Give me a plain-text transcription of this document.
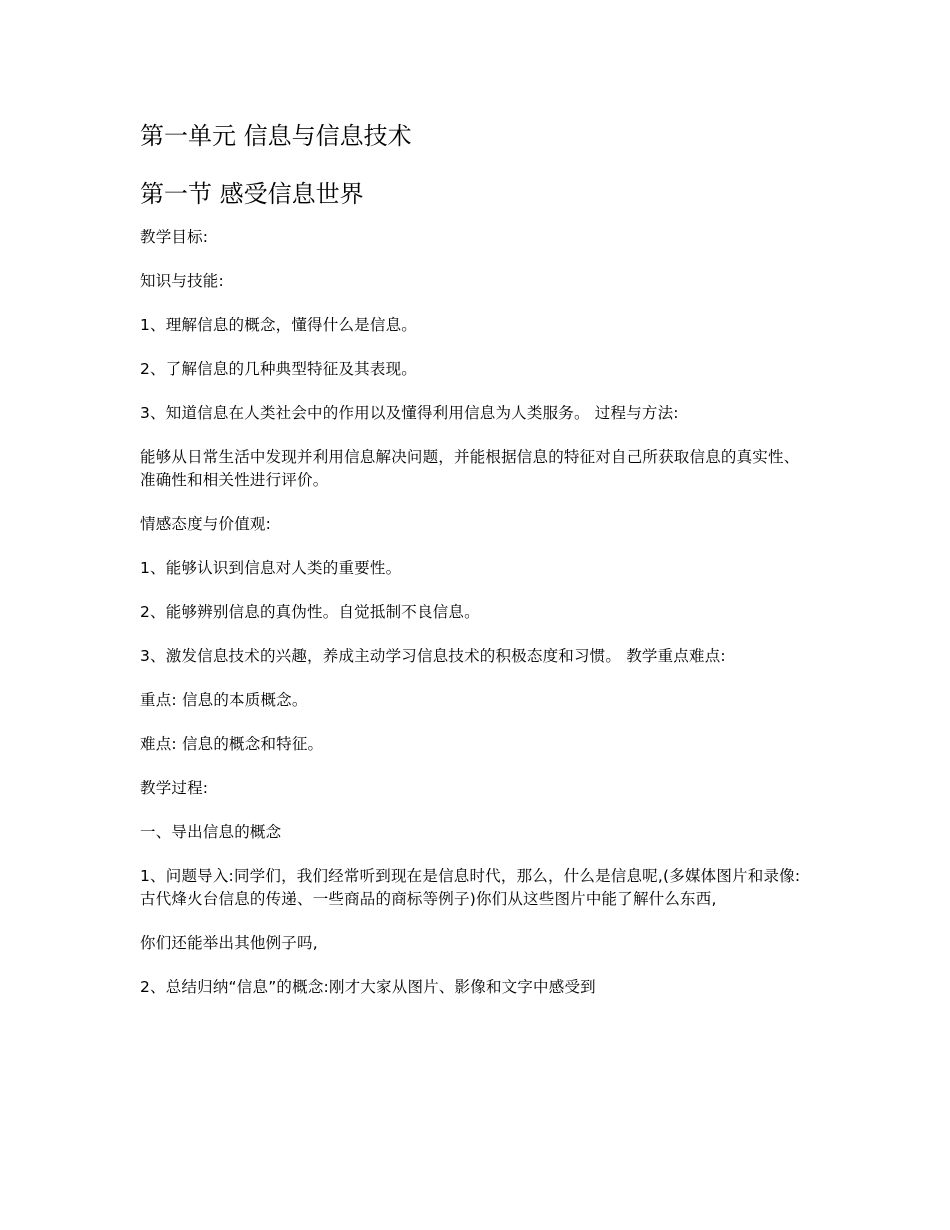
第一单元 信息与信息技术
第一节 感受信息世界
教学目标:
知识与技能:
1、理解信息的概念，懂得什么是信息。
2、了解信息的几种典型特征及其表现。
3、知道信息在人类社会中的作用以及懂得利用信息为人类服务。 过程与方法:
能够从日常生活中发现并利用信息解决问题，并能根据信息的特征对自己所获取信息的真实性、准确性和相关性进行评价。
情感态度与价值观:
1、能够认识到信息对人类的重要性。
2、能够辨别信息的真伪性。自觉抵制不良信息。
3、激发信息技术的兴趣，养成主动学习信息技术的积极态度和习惯。 教学重点难点:
重点: 信息的本质概念。
难点: 信息的概念和特征。
教学过程:
一、导出信息的概念
1、问题导入:同学们，我们经常听到现在是信息时代，那么，什么是信息呢,(多媒体图片和录像:古代烽火台信息的传递、一些商品的商标等例子)你们从这些图片中能了解什么东西,
你们还能举出其他例子吗,
2、总结归纳“信息”的概念:刚才大家从图片、影像和文字中感受到
